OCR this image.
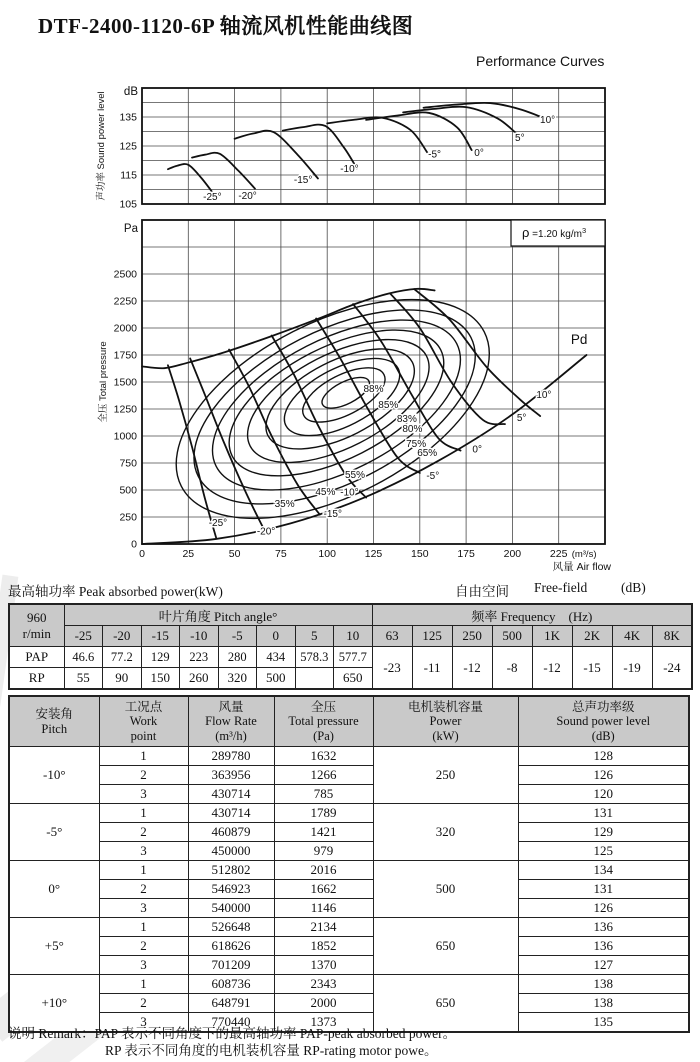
DTF-2400-1120-6P 轴流风机性能曲线图
Performance Curves
105
115
125
135
dB
0
250
500
750
1000
1250
1500
1750
2000
2250
2500
Pa
0	25	50	75	100	125	150	175	200	225 (m³/s)
风量 Air flow
声功率 Sound power level
全压 Total pressure
-25° -20°
-15°
-10°
-5°	0°
5°
10°
-25°
-20°
-15°
-10°
-5°
0°
5°
10°
88%
85%
83%
80%
75%
65%
55%
45%
35%
Pd
ρ =1.20 $kg/m^3$
最高轴功率 Peak absorbed power(kW)	自由空间 Free-field	(dB)
960
r/min	叶片角度 Pitch angle°								频率 Frequency　(Hz)							
	-25	-20	-15	-10	-5	0	5	10	63	125	250	500	1K	2K	4K	8K
PAP	46.6	77.2	129	223	280	434	578.3	577.7	-23	-11	-12	-8	-12	-15	-19	-24
RP	55	90	150	260	320	500		650								
安装角
Pitch	工况点
Work
point	风量
Flow Rate
(m³/h)	全压
Total pressure
(Pa)	电机装机容量
Power
(kW)	总声功率级
Sound power level
(dB)
-10°	1	289780	1632	250	128
	2	363956	1266		126
	3	430714	785		120
-5°	1	430714	1789	320	131
	2	460879	1421		129
	3	450000	979		125
0°	1	512802	2016	500	134
	2	546923	1662		131
	3	540000	1146		126
+5°	1	526648	2134	650	136
	2	618626	1852		136
	3	701209	1370		127
+10°	1	608736	2343	650	138
	2	648791	2000		138
	3	770440	1373		135
说明 Remark：PAP 表示不同角度下的最高轴功率 PAP-peak absorbed power。
RP 表示不同角度的电机装机容量 RP-rating motor powe。
